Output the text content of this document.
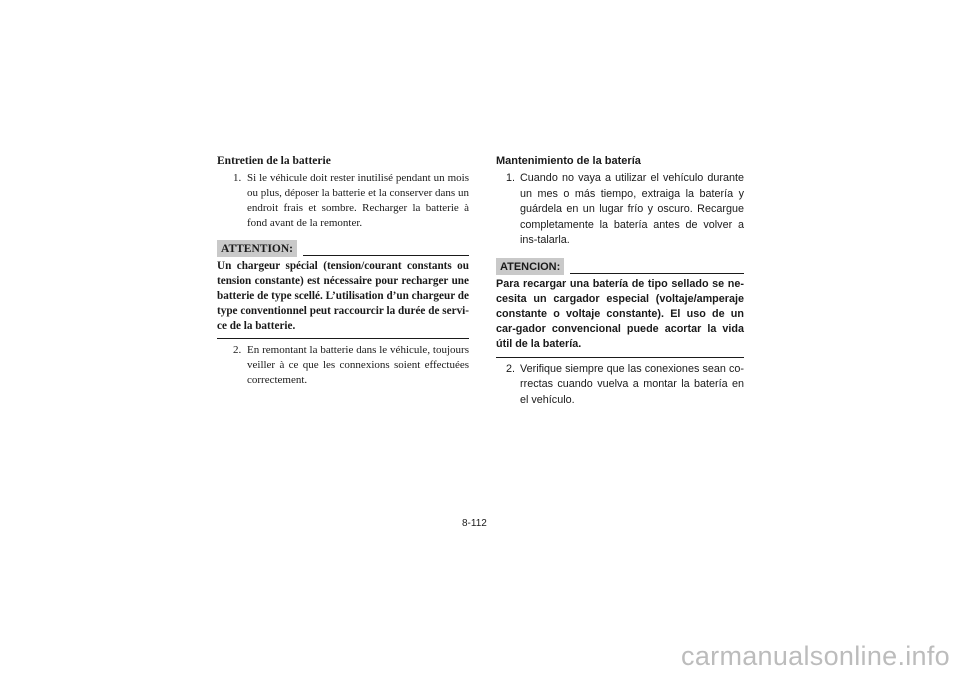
Entretien de la batterie
1. Si le véhicule doit rester inutilisé pendant un mois ou plus, déposer la batterie et la conserver dans un endroit frais et sombre. Recharger la batterie à fond avant de la remonter.
ATTENTION:
Un chargeur spécial (tension/courant constants ou tension constante) est nécessaire pour recharger une batterie de type scellé. L’utilisation d’un chargeur de type conventionnel peut raccourcir la durée de servi-ce de la batterie.
2. En remontant la batterie dans le véhicule, toujours veiller à ce que les connexions soient effectuées correctement.
Mantenimiento de la batería
1. Cuando no vaya a utilizar el vehículo durante un mes o más tiempo, extraiga la batería y guárdela en un lugar frío y oscuro. Recargue completamente la batería antes de volver a ins-talarla.
ATENCION:
Para recargar una batería de tipo sellado se ne-cesita un cargador especial (voltaje/amperaje constante o voltaje constante). El uso de un car-gador convencional puede acortar la vida útil de la batería.
2. Verifique siempre que las conexiones sean co-rrectas cuando vuelva a montar la batería en el vehículo.
8-112
carmanualsonline.info
